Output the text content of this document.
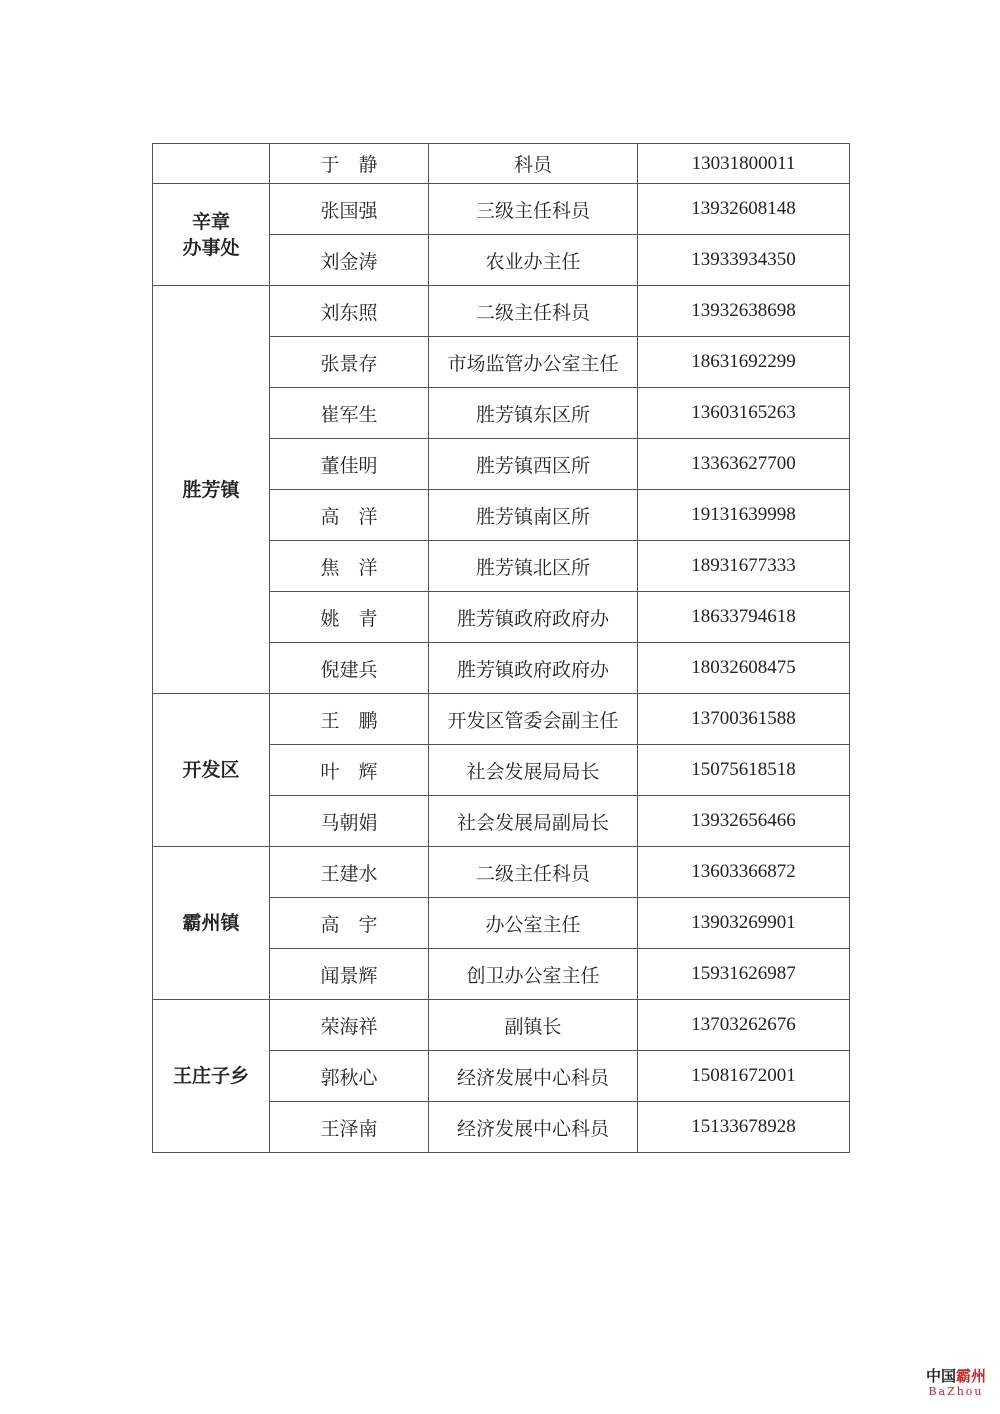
	于　静	科员	13031800011

辛章
办事处	张国强	三级主任科员	13932608148
	刘金涛	农业办主任	13933934350

胜芳镇	刘东照	二级主任科员	13932638698
	张景存	市场监管办公室主任	18631692299
	崔军生	胜芳镇东区所	13603165263
	董佳明	胜芳镇西区所	13363627700
	高　洋	胜芳镇南区所	19131639998
	焦　洋	胜芳镇北区所	18931677333
	姚　青	胜芳镇政府政府办	18633794618
	倪建兵	胜芳镇政府政府办	18032608475

开发区	王　鹏	开发区管委会副主任	13700361588
	叶　辉	社会发展局局长	15075618518
	马朝娟	社会发展局副局长	13932656466

霸州镇	王建水	二级主任科员	13603366872
	高　宇	办公室主任	13903269901
	闻景辉	创卫办公室主任	15931626987

王庄子乡	荣海祥	副镇长	13703262676
	郭秋心	经济发展中心科员	15081672001
	王泽南	经济发展中心科员	15133678928
中国霸州
BaZhou
